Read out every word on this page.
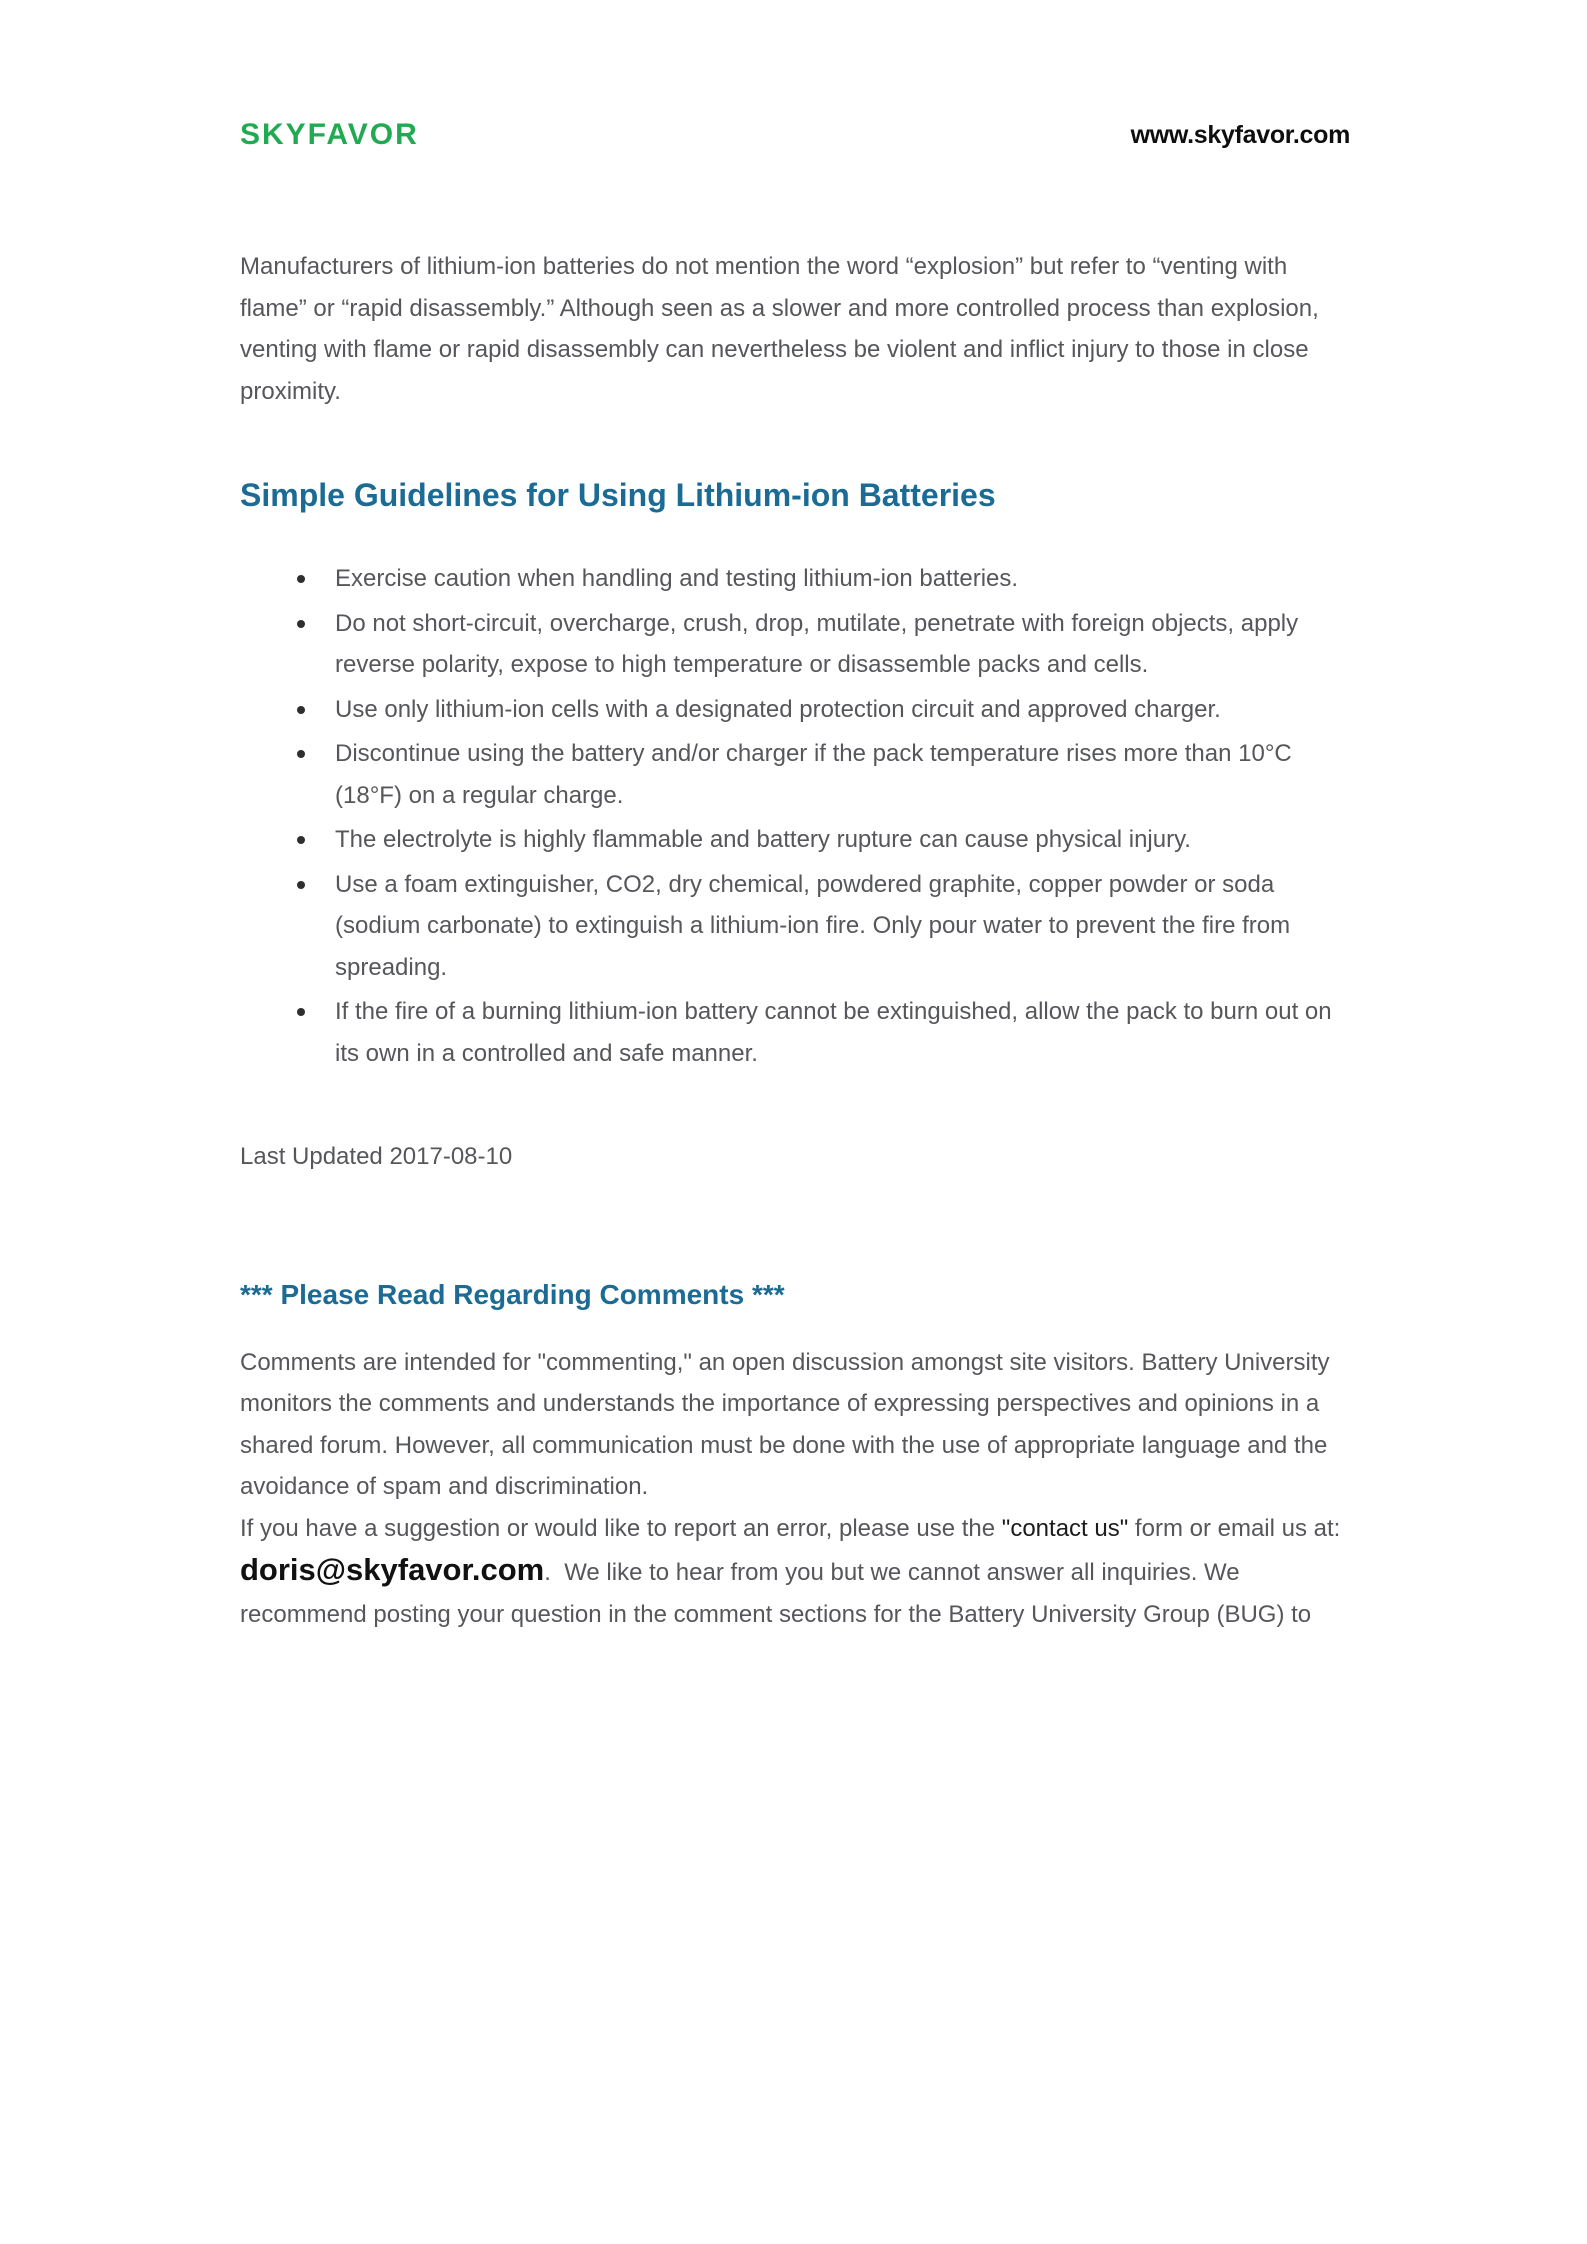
SKYFAVOR	www.skyfavor.com

Manufacturers of lithium-ion batteries do not mention the word “explosion” but refer to “venting with flame” or “rapid disassembly.” Although seen as a slower and more controlled process than explosion, venting with flame or rapid disassembly can nevertheless be violent and inflict injury to those in close proximity.

Simple Guidelines for Using Lithium-ion Batteries
Exercise caution when handling and testing lithium-ion batteries.
Do not short-circuit, overcharge, crush, drop, mutilate, penetrate with foreign objects, apply reverse polarity, expose to high temperature or disassemble packs and cells.
Use only lithium-ion cells with a designated protection circuit and approved charger.
Discontinue using the battery and/or charger if the pack temperature rises more than 10°C (18°F) on a regular charge.
The electrolyte is highly flammable and battery rupture can cause physical injury.
Use a foam extinguisher, CO2, dry chemical, powdered graphite, copper powder or soda (sodium carbonate) to extinguish a lithium-ion fire. Only pour water to prevent the fire from spreading.
If the fire of a burning lithium-ion battery cannot be extinguished, allow the pack to burn out on its own in a controlled and safe manner.

Last Updated 2017-08-10

*** Please Read Regarding Comments ***

Comments are intended for "commenting," an open discussion amongst site visitors. Battery University monitors the comments and understands the importance of expressing perspectives and opinions in a shared forum. However, all communication must be done with the use of appropriate language and the avoidance of spam and discrimination.

If you have a suggestion or would like to report an error, please use the "contact us" form or email us at: doris@skyfavor.com.  We like to hear from you but we cannot answer all inquiries. We recommend posting your question in the comment sections for the Battery University Group (BUG) to
